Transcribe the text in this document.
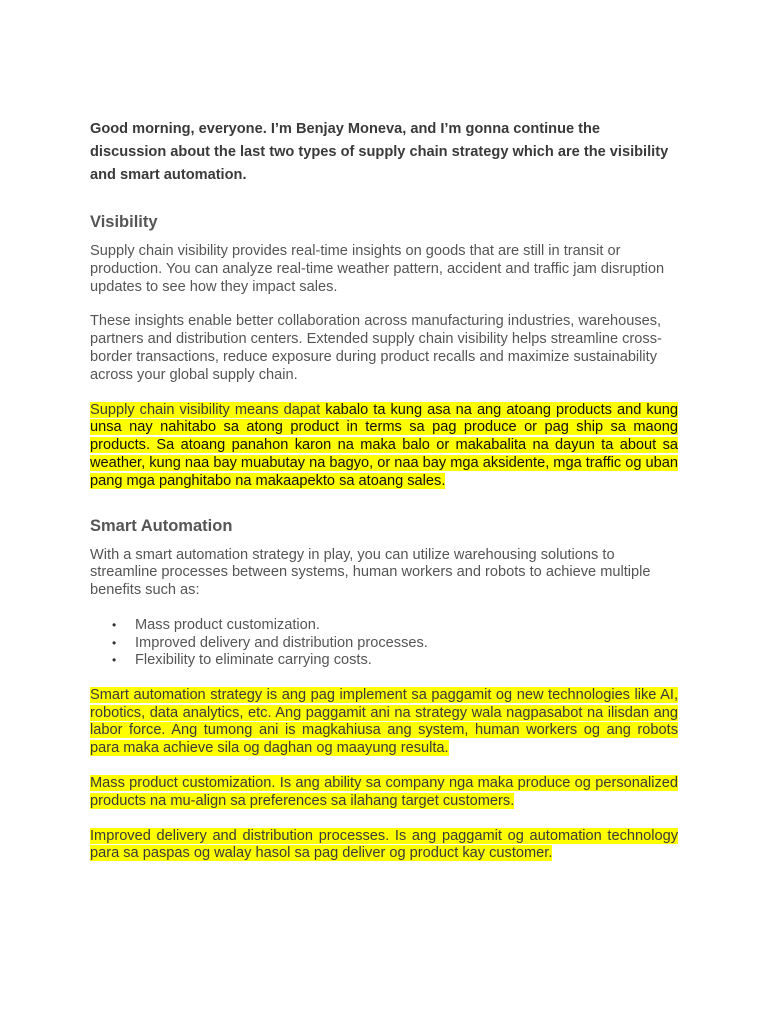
Good morning, everyone. I’m Benjay Moneva, and I’m gonna continue the discussion about the last two types of supply chain strategy which are the visibility and smart automation.

Visibility

Supply chain visibility provides real-time insights on goods that are still in transit or production. You can analyze real-time weather pattern, accident and traffic jam disruption updates to see how they impact sales.

These insights enable better collaboration across manufacturing industries, warehouses, partners and distribution centers. Extended supply chain visibility helps streamline cross-border transactions, reduce exposure during product recalls and maximize sustainability across your global supply chain.

Supply chain visibility means dapat kabalo ta kung asa na ang atoang products and kung unsa nay nahitabo sa atong product in terms sa pag produce or pag ship sa maong products. Sa atoang panahon karon na maka balo or makabalita na dayun ta about sa weather, kung naa bay muabutay na bagyo, or naa bay mga aksidente, mga traffic og uban pang mga panghitabo na makaapekto sa atoang sales.

Smart Automation

With a smart automation strategy in play, you can utilize warehousing solutions to streamline processes between systems, human workers and robots to achieve multiple benefits such as:

• Mass product customization.
• Improved delivery and distribution processes.
• Flexibility to eliminate carrying costs.

Smart automation strategy is ang pag implement sa paggamit og new technologies like AI, robotics, data analytics, etc. Ang paggamit ani na strategy wala nagpasabot na ilisdan ang labor force. Ang tumong ani is magkahiusa ang system, human workers og ang robots para maka achieve sila og daghan og maayung resulta.

Mass product customization. Is ang ability sa company nga maka produce og personalized products na mu-align sa preferences sa ilahang target customers.

Improved delivery and distribution processes. Is ang paggamit og automation technology para sa paspas og walay hasol sa pag deliver og product kay customer.
